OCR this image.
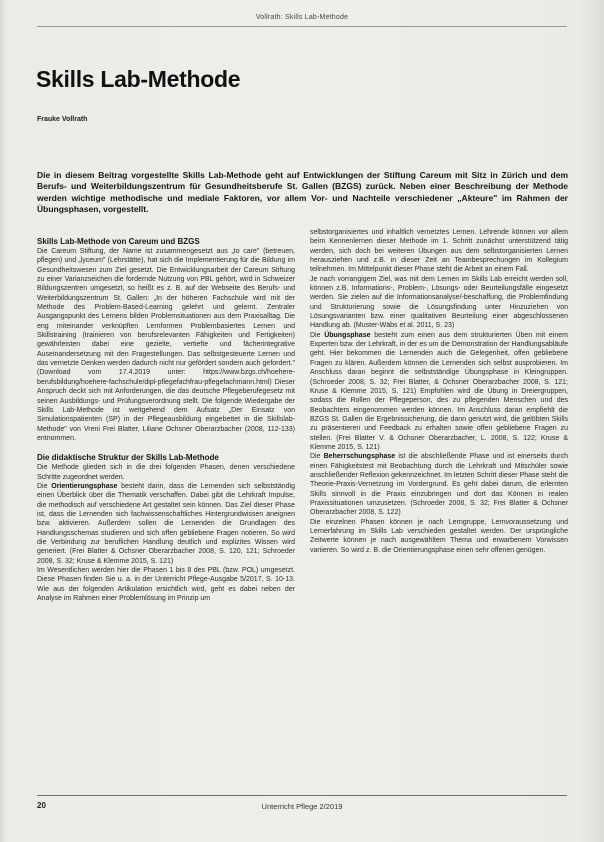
Vollrath: Skills Lab-Methode
Skills Lab-Methode
Frauke Vollrath
Die in diesem Beitrag vorgestellte Skills Lab-Methode geht auf Entwicklungen der Stiftung Careum mit Sitz in Zürich und dem Berufs- und Weiterbildungszentrum für Gesundheitsberufe St. Gallen (BZGS) zurück. Neben einer Beschreibung der Methode werden wichtige methodische und mediale Faktoren, vor allem Vor- und Nachteile verschiedener „Akteure" im Rahmen der Übungsphasen, vorgestellt.
Skills Lab-Methode von Careum und BZGS

Die Careum Stiftung, der Name ist zusammengesetzt aus „to care" (betreuen, pflegen) und „lyceum" (Lehrstätte), hat sich die Implementierung für die Bildung im Gesundheitswesen zum Ziel gesetzt. Die Entwicklungsarbeit der Careum Stiftung zu einer Varianzseichen die fordernde Nutzung von PBL gehört, wird in Schweizer Bildungszentren umgesetzt, so heißt es z. B. auf der Webseite des Berufs- und Weiterbildungszentrum St. Gallen: „In der höheren Fachschule wird mit der Methode des Problem-Based-Learning gelehrt und gelernt. Zentraler Ausgangspunkt des Lernens bilden Problemsituationen aus dem Praxisalltag. Die eng miteinander verknüpften Lernformen Problembasiertes Lernen und Skillstraining (trainieren von berufsrelevanten Fähigkeiten und Fertigkeiten) gewährleisten dabei eine gezielte, vertiefte und fächerintegrative Auseinandersetzung mit den Fragestellungen. Das selbstgesteuerte Lernen und das vernetzte Denken werden dadurch nicht nur gefördert sondern auch gefordert." (Download vom 17.4.2019 unter: https://www.bzgs.ch/hoehere-berufsbildung/hoehere-fachschule/dipl-pflegefachfrau-pflegefachmann.html) Dieser Anspruch deckt sich mit Anforderungen, die das deutsche Pflegeberufegesetz mit seinen Ausbildungs- und Prüfungsverordnung stellt. Die folgende Wiedergabe der Skills Lab-Methode ist weitgehend dem Aufsatz „Der Einsatz von Simulationspatienten (SP) in der Pflegeausbildung eingebettet in die Skillslab-Methode" von Vreni Frei Blatter, Liliane Ochsner Oberarzbacher (2008, 112-133) entnommen.

Die didaktische Struktur der Skills Lab-Methode

Die Methode gliedert sich in die drei folgenden Phasen, denen verschiedene Schritte zugeordnet werden.

Die Orientierungsphase besteht darin, dass die Lernenden sich selbstständig einen Überblick über die Thematik verschaffen. Dabei gibt die Lehrkraft Impulse, die methodisch auf verschiedene Art gestaltet sein können. Das Ziel dieser Phase ist, dass die Lernenden sich fachwissenschaftliches Hintergrundwissen aneignen bzw. aktivieren. Außerdem sollen die Lernenden die Grundlagen des Handlungsschemas studieren und sich offen gebliebene Fragen notieren. So wird die Verbindung zur beruflichen Handlung deutlich und explizites Wissen wird generiert. (Frei Blatter & Ochsner Oberarzbacher 2008, S. 120, 121; Schroeder 2008, S. 32; Kruse & Klemme 2015, S. 121)

Im Wesentlichen werden hier die Phasen 1 bis 8 des PBL (bzw. POL) umgesetzt. Diese Phasen finden Sie u. a. in der Unterricht Pflege-Ausgabe 5/2017, S. 10-13. Wie aus der folgenden Artikulation ersichtlich wird, geht es dabei neben der Analyse im Rahmen einer Problemlösung im Prinzip um

selbstorganisiertes und inhaltlich vernetztes Lernen. Lehrende können vor allem beim Kennenlernen dieser Methode im 1. Schritt zunächst unterstützend tätig werden, sich doch bei weiteren Übungen aus dem selbstorganisierten Lernen herausziehen und z.B. in dieser Zeit an Teambesprechungen im Kollegium teilnehmen. Im Mittelpunkt dieser Phase steht die Arbeit an einem Fall.

Je nach vorrangigem Ziel, was mit dem Lernen im Skills Lab erreicht werden soll, können z.B. Informations-, Problem-, Lösungs- oder Beurteilungsfälle eingesetzt werden. Sie zielen auf die Informationsanalyse/-beschaffung, die Problemfindung und Strukturierung sowie die Lösungsfindung unter Hinzuziehen von Lösungsvarianten bzw. einer qualitativen Beurteilung einer abgeschlossenen Handlung ab. (Muster-Wäbs et al. 2011, S. 23)

Die Übungsphase besteht zum einen aus dem strukturierten Üben mit einem Experten bzw. der Lehrkraft, in der es um die Demonstration der Handlungsabläufe geht. Hier bekommen die Lernenden auch die Gelegenheit, offen gebliebene Fragen zu klären. Außerdem können die Lernenden sich selbst ausprobieren. Im Anschluss daran beginnt die selbstständige Übungsphase in Kleingruppen. (Schroeder 2008, S. 32; Frei Blatter, & Ochsner Oberarzbacher 2008, S. 121; Kruse & Klemme 2015, S. 121) Empfohlen wird die Übung in Dreiergruppen, sodass die Rollen der Pflegeperson, des zu pflegenden Menschen und des Beobachters eingenommen werden können. Im Anschluss daran empfiehlt die BZGS St. Gallen die Ergebnissicherung, die dann genutzt wird, die gelöbten Skills zu präsentieren und Feedback zu erhalten sowie offen gebliebene Fragen zu stellen. (Frei Blatter V. & Ochsner Oberarzbacher, L. 2008, S. 122; Kruse & Klemme 2015, S. 121)

Die Beherrschungsphase ist die abschließende Phase und ist einerseits durch einen Fähigkeitstest mit Beobachtung durch die Lehrkraft und Mitschüler sowie anschließender Reflexion gekennzeichnet. Im letzten Schritt dieser Phase steht die Theorie-Praxis-Vernetzung im Vordergrund. Es geht dabei darum, die erlernten Skills sinnvoll in die Praxis einzubringen und dort das Können in realen Praxissituationen umzusetzen. (Schroeder 2008, S. 32; Frei Blatter & Ochsner Oberarzbacher 2008, S. 122)

Die einzelnen Phasen können je nach Lerngruppe, Lernvoraussetzung und Lernerfahrung im Skills Lab verschieden gestaltet werden. Der ursprüngliche Zeitwerte können je nach ausgewähltem Thema und erwarbenem Vorwissen variieren. So wird z. B. die Orientierungsphase einen sehr offenen genügen.

20	Unterricht Pflege 2/2019
